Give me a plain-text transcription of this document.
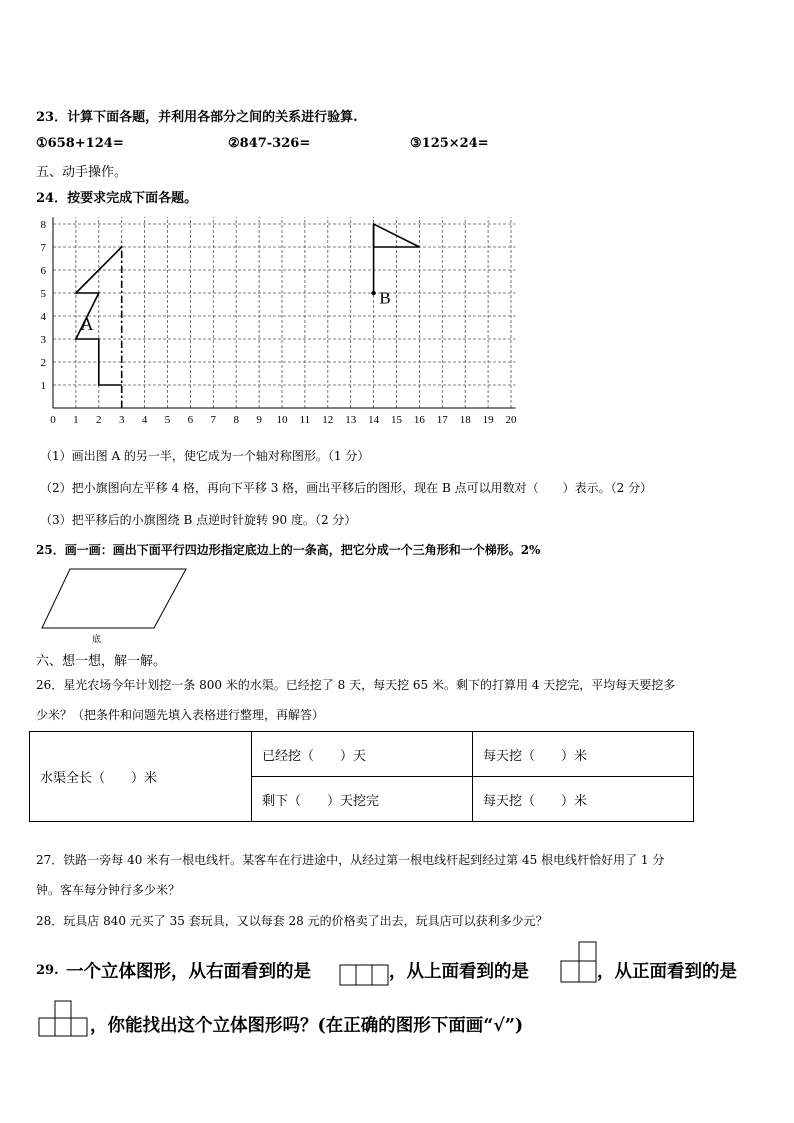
23．计算下面各题，并利用各部分之间的关系进行验算.
①658+124=	②847-326=	③125×24=
五、动手操作。
24．按要求完成下面各题。
0 1 2 3 4 5 6 7 8 9 10 11 12 13 14 15 16 17 18 19 20
1
2
3
4
5
6
7
8
A
B
（1）画出图 A 的另一半，使它成为一个轴对称图形。（1 分）
（2）把小旗图向左平移 4 格，再向下平移 3 格，画出平移后的图形，现在 B 点可以用数对（　　）表示。（2 分）
（3）把平移后的小旗图绕 B 点逆时针旋转 90 度。（2 分）
25．画一画：画出下面平行四边形指定底边上的一条高，把它分成一个三角形和一个梯形。2%
底
六、想一想，解一解。
26．星光农场今年计划挖一条 800 米的水渠。已经挖了 8 天，每天挖 65 米。剩下的打算用 4 天挖完，平均每天要挖多
少米？（把条件和问题先填入表格进行整理，再解答）
水渠全长（　　）米	已经挖（　　）天	每天挖（　　）米
	剩下（　　）天挖完	每天挖（　　）米
27．铁路一旁每 40 米有一根电线杆。某客车在行进途中，从经过第一根电线杆起到经过第 45 根电线杆恰好用了 1 分
钟。客车每分钟行多少米？
28．玩具店 840 元买了 35 套玩具，又以每套 28 元的价格卖了出去，玩具店可以获利多少元？
29. 一个立体图形，从右面看到的是	，从上面看到的是	，从正面看到的是
，你能找出这个立体图形吗？(在正确的图形下面画“√”)
